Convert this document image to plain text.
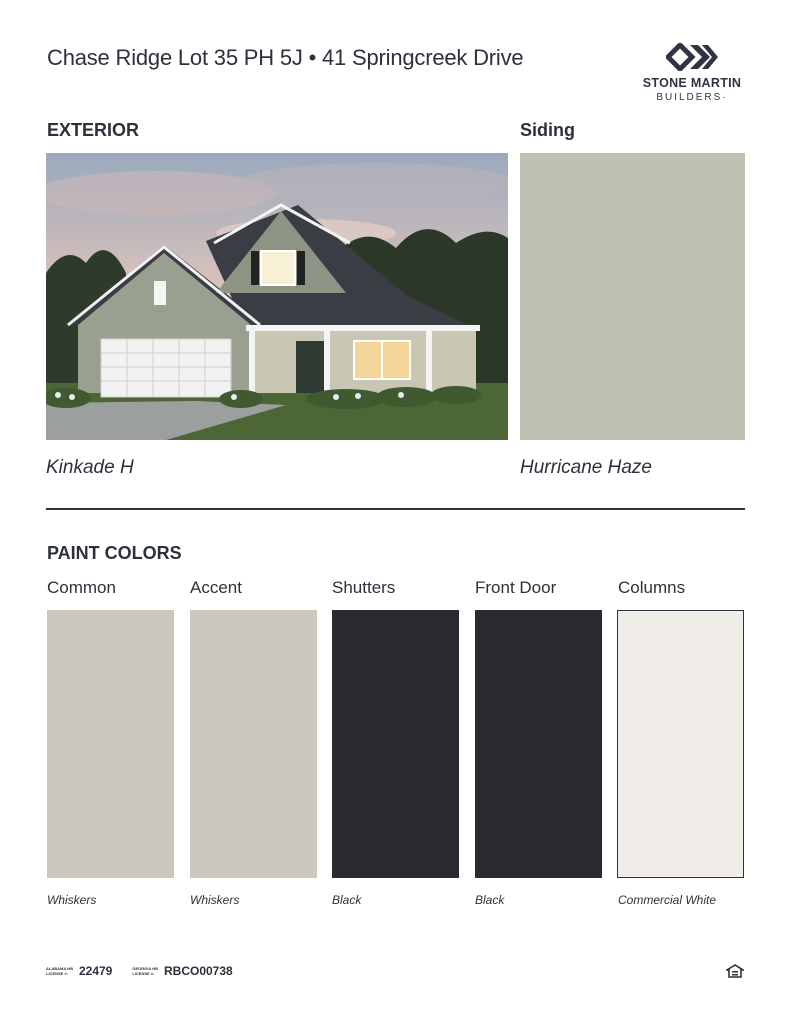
Chase Ridge Lot 35 PH 5J • 41 Springcreek Drive
STONE MARTIN
BUILDERS·
EXTERIOR	Siding
Kinkade H	Hurricane Haze
PAINT COLORS
Common	Accent	Shutters	Front Door	Columns
Whiskers	Whiskers	Black	Black	Commercial White
ALABAMA HB
LICENSE #: 22479	GEORGIA HB
LICENSE #: RBCO00738
